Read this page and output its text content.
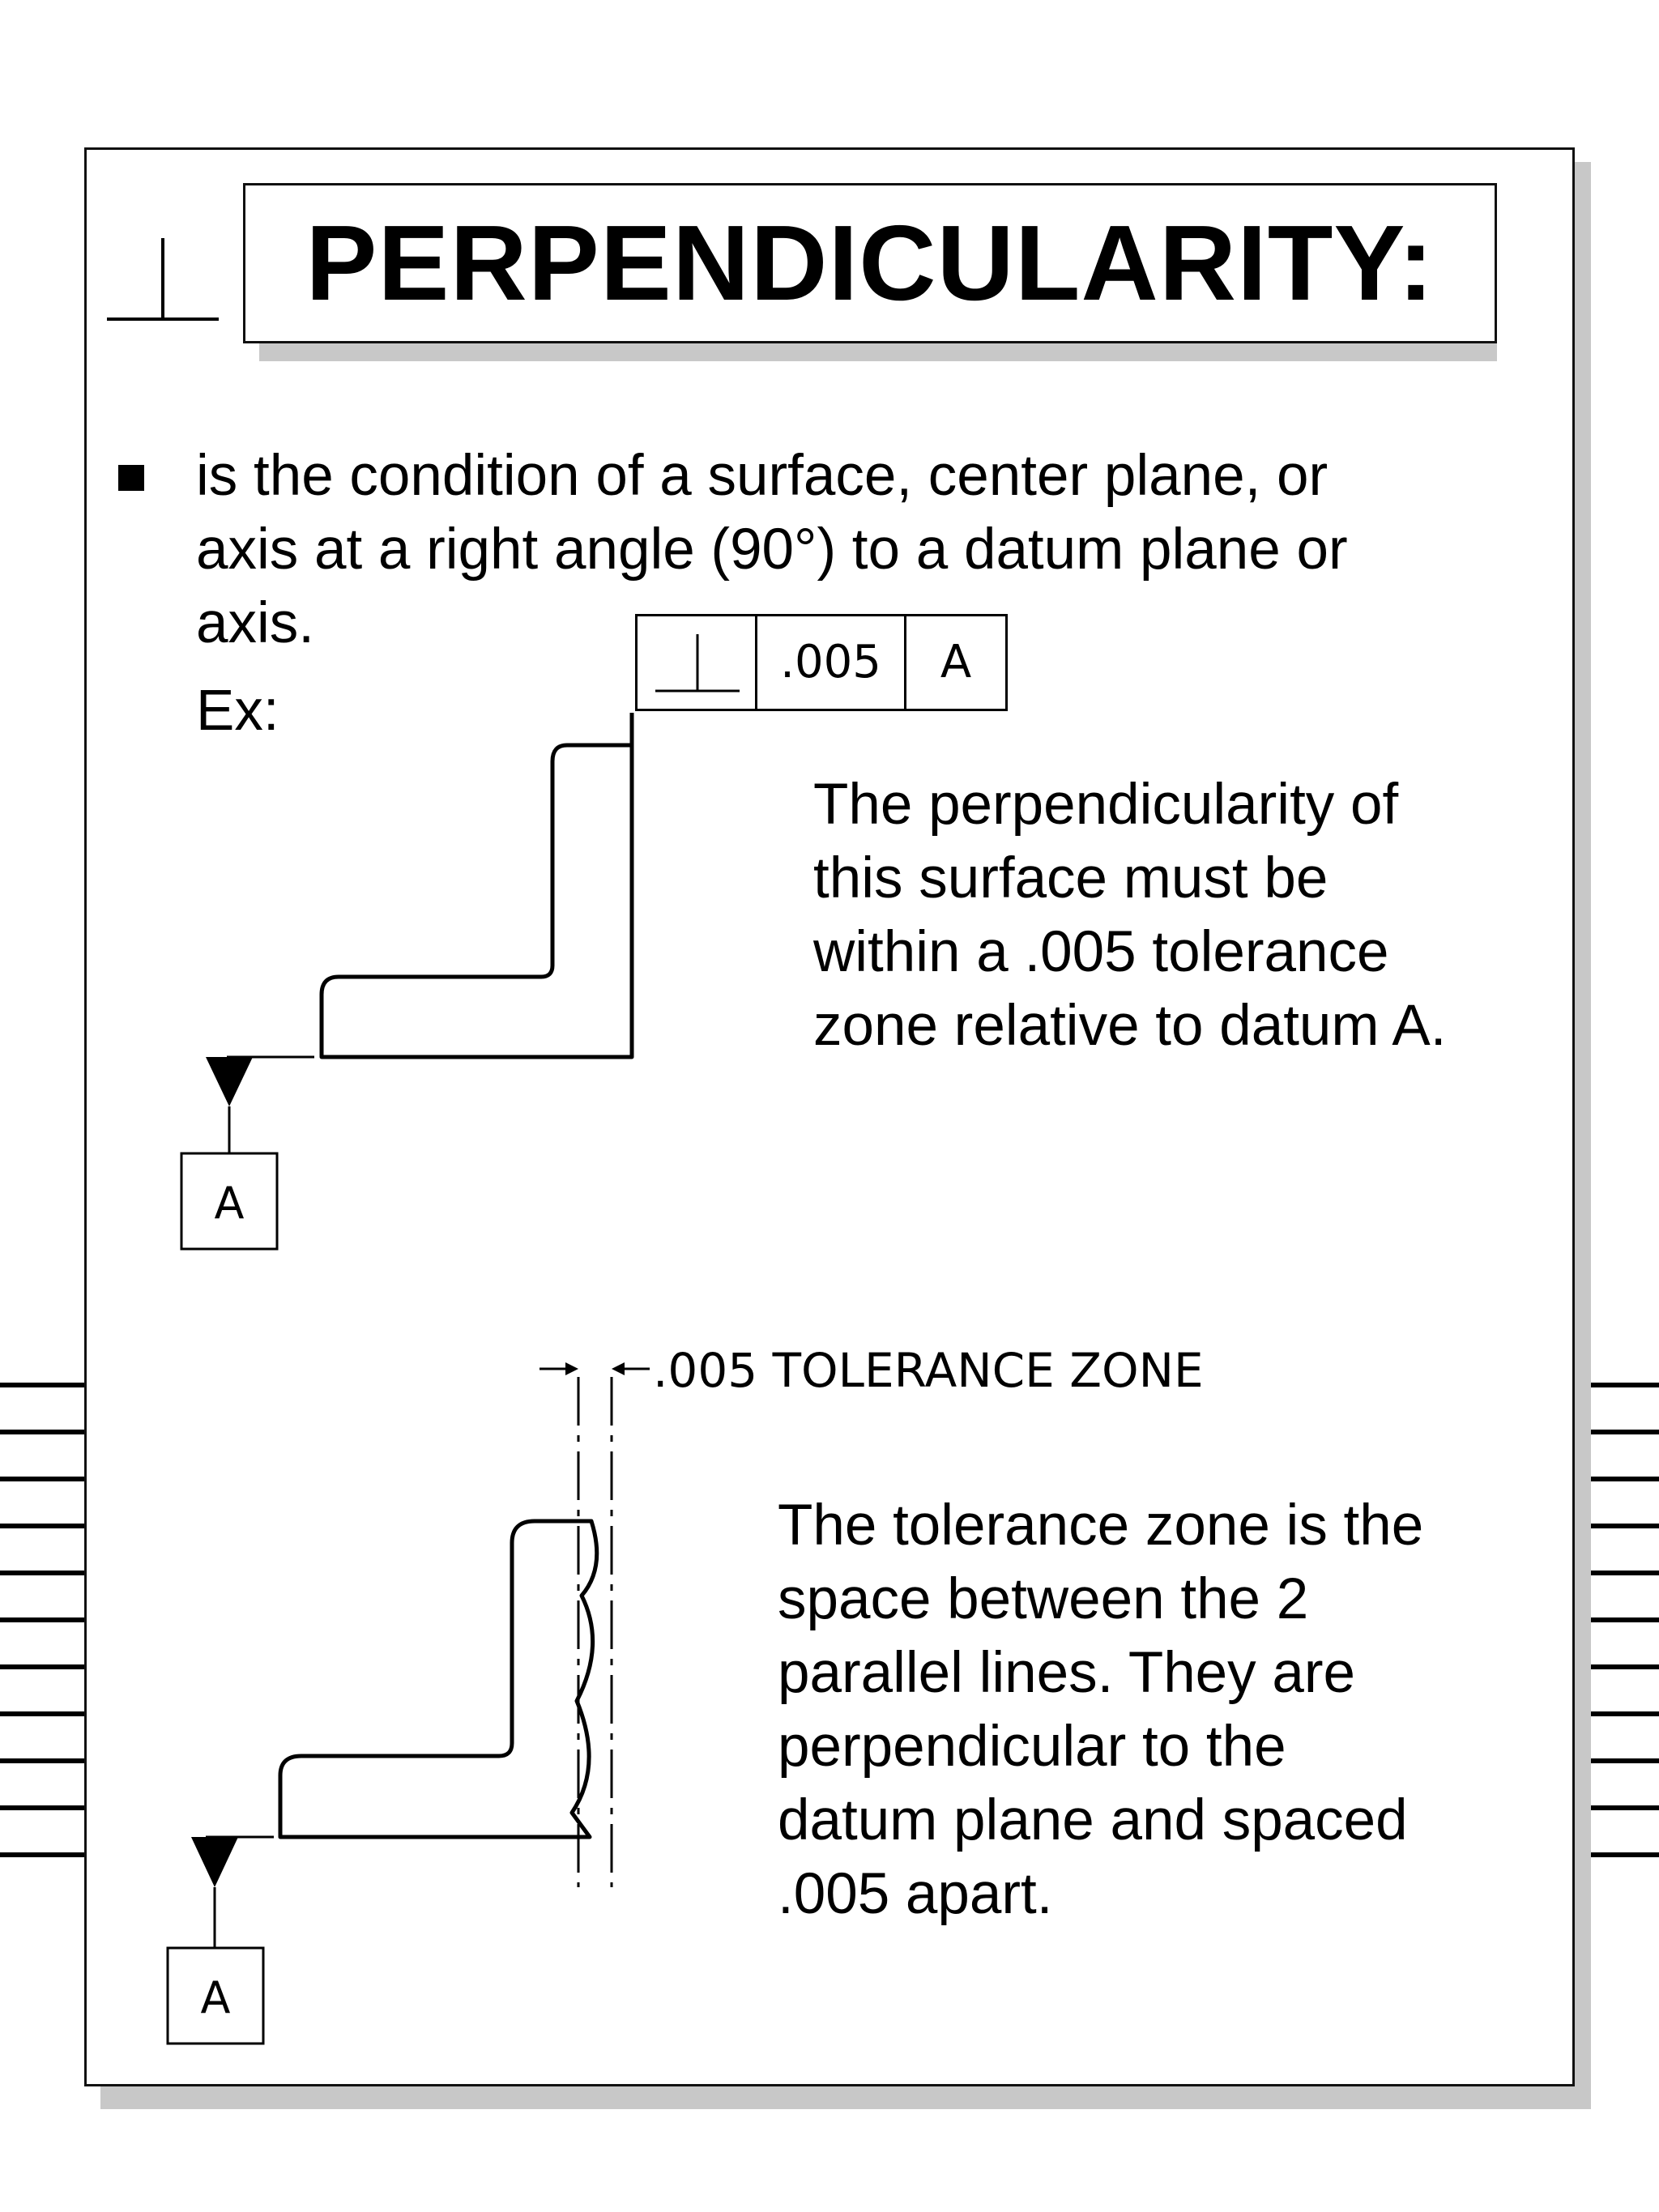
PERPENDICULARITY:
is the condition of a surface, center plane, or
axis at a right angle (90°) to a datum plane or
axis.
Ex:
A
.005 A
The perpendicularity of
this surface must be
within a .005 tolerance
zone relative to datum A.
.005 TOLERANCE ZONE
A
The tolerance zone is the
space between the 2
parallel lines. They are
perpendicular to the
datum plane and spaced
.005 apart.
